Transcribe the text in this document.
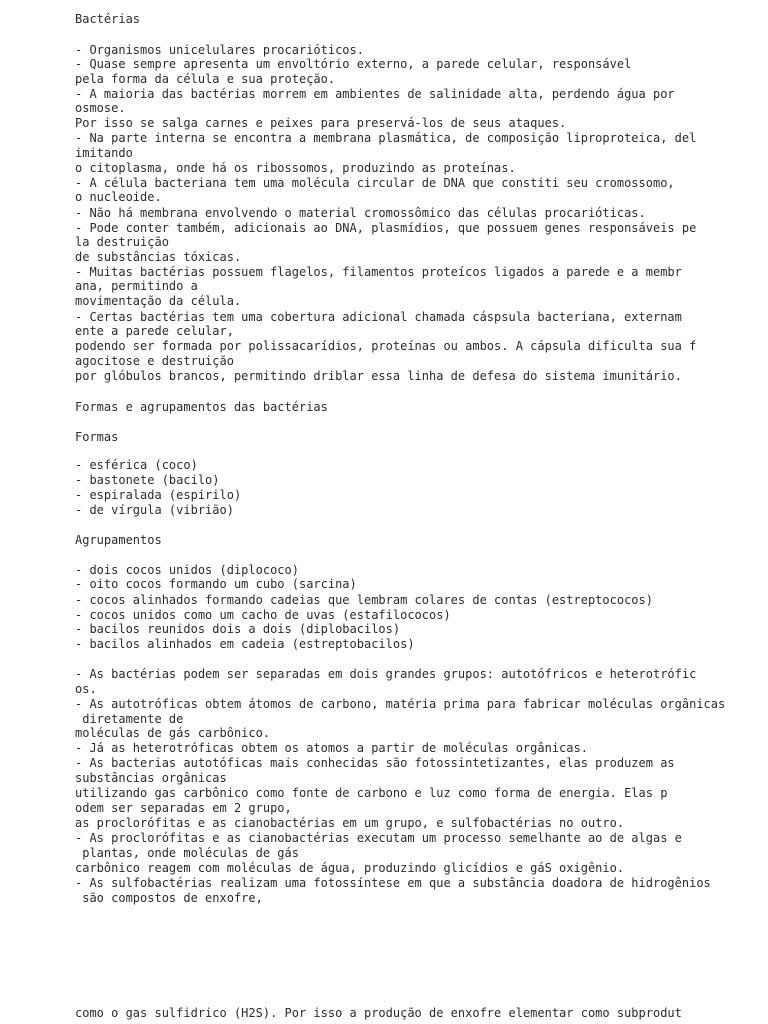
Bactérias
- Organismos unicelulares procarióticos.
- Quase sempre apresenta um envoltório externo, a parede celular, responsável
pela forma da célula e sua proteção.
- A maioria das bactérias morrem em ambientes de salinidade alta, perdendo água por
osmose.
Por isso se salga carnes e peixes para preservá-los de seus ataques.
- Na parte interna se encontra a membrana plasmática, de composição liproproteica, del
imitando
o citoplasma, onde há os ribossomos, produzindo as proteínas.
- A célula bacteriana tem uma molécula circular de DNA que constiti seu cromossomo,
o nucleoide.
- Não há membrana envolvendo o material cromossômico das células procarióticas.
- Pode conter também, adicionais ao DNA, plasmídios, que possuem genes responsáveis pe
la destruição
de substâncias tóxicas.
- Muitas bactérias possuem flagelos, filamentos proteícos ligados a parede e a membr
ana, permitindo a
movimentação da célula.
- Certas bactérias tem uma cobertura adicional chamada cáspsula bacteriana, externam
ente a parede celular,
podendo ser formada por polissacarídios, proteínas ou ambos. A cápsula dificulta sua f
agocitose e destruição
por glóbulos brancos, permitindo driblar essa linha de defesa do sistema imunitário.
Formas e agrupamentos das bactérias
Formas
- esférica (coco)
- bastonete (bacilo)
- espiralada (espirilo)
- de vírgula (vibrião)
Agrupamentos
- dois cocos unidos (diplococo)
- oito cocos formando um cubo (sarcina)
- cocos alinhados formando cadeias que lembram colares de contas (estreptococos)
- cocos unidos como um cacho de uvas (estafilococos)
- bacilos reunidos dois a dois (diplobacilos)
- bacilos alinhados em cadeia (estreptobacilos)
- As bactérias podem ser separadas em dois grandes grupos: autotófricos e heterotrófic
os.
- As autotróficas obtem átomos de carbono, matéria prima para fabricar moléculas orgânicas
diretamente de
moléculas de gás carbônico.
- Já as heterotróficas obtem os atomos a partir de moléculas orgânicas.
- As bacterias autotóficas mais conhecidas são fotossintetizantes, elas produzem as
substâncias orgânicas
utilizando gas carbônico como fonte de carbono e luz como forma de energia. Elas p
odem ser separadas em 2 grupo,
as proclorófitas e as cianobactérias em um grupo, e sulfobactérias no outro.
- As proclorófitas e as cianobactérias executam um processo semelhante ao de algas e
plantas, onde moléculas de gás
carbônico reagem com moléculas de água, produzindo glicídios e gáS oxigênio.
- As sulfobactérias realizam uma fotossíntese em que a substância doadora de hidrogênios
são compostos de enxofre,
como o gas sulfidrico (H2S). Por isso a produção de enxofre elementar como subprodut
